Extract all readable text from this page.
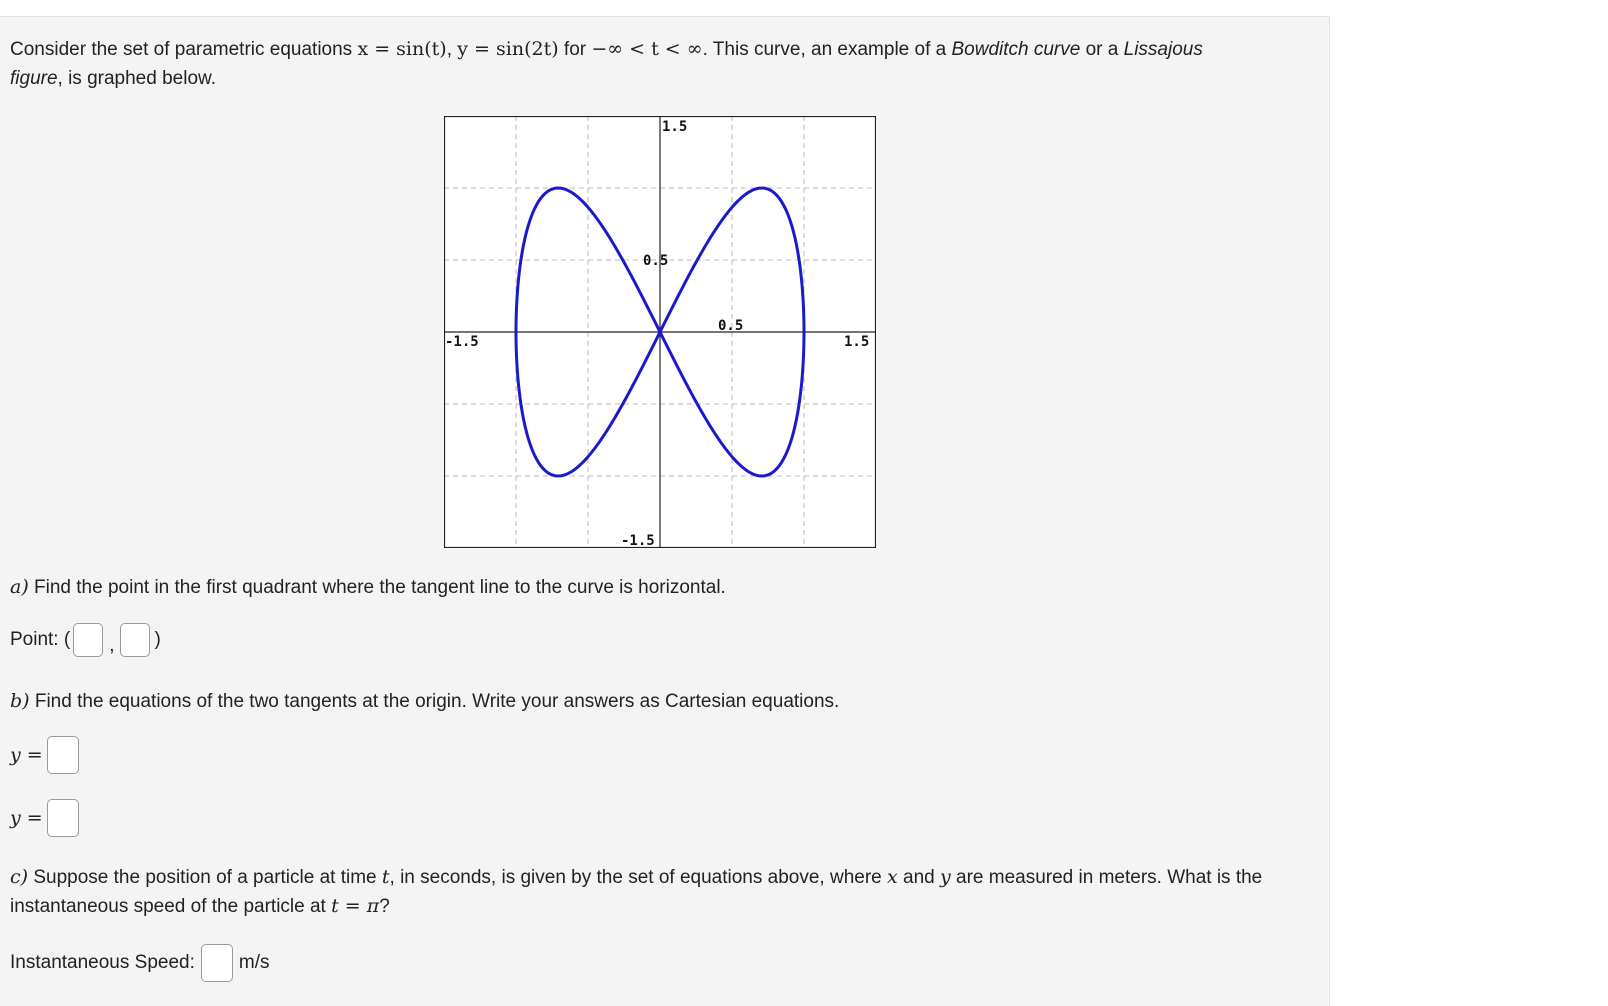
Consider the set of parametric equations x = sin(t), y = sin(2t) for −∞ < t < ∞. This curve, an example of a Bowditch curve or a Lissajous
figure, is graphed below.

1.5
0.5
-1.5
-1.5
0.5
1.5

a) Find the point in the first quadrant where the tangent line to the curve is horizontal.

Point: ( , )

b) Find the equations of the two tangents at the origin. Write your answers as Cartesian equations.

y =
y =

c) Suppose the position of a particle at time t, in seconds, is given by the set of equations above, where x and y are measured in meters. What is the instantaneous speed of the particle at t = π?

Instantaneous Speed: m/s
